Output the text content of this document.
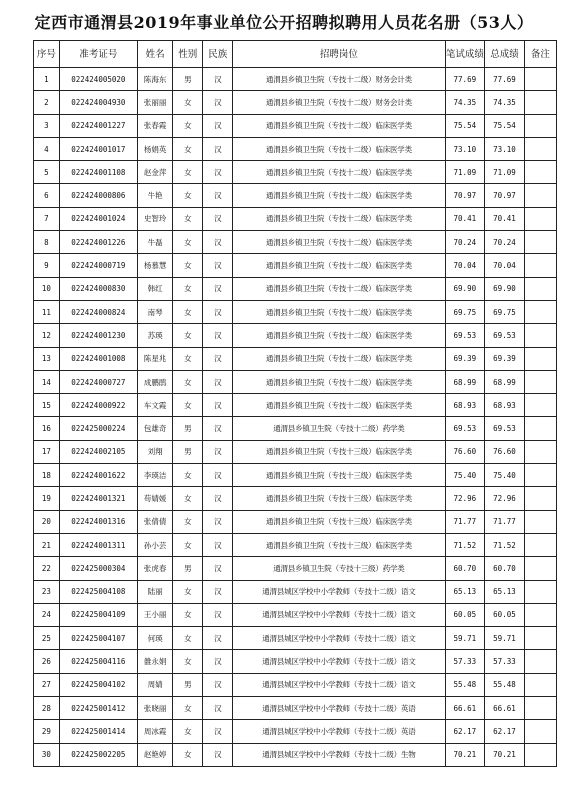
定西市通渭县2019年事业单位公开招聘拟聘用人员花名册（53人）
序号	准考证号	姓名	性别	民族	招聘岗位	笔试成绩	总成绩	备注
1	022424005020	陈海东	男	汉	通渭县乡镇卫生院（专技十二级）财务会计类	77.69	77.69	
2	022424004930	张丽丽	女	汉	通渭县乡镇卫生院（专技十二级）财务会计类	74.35	74.35	
3	022424001227	张春霞	女	汉	通渭县乡镇卫生院（专技十二级）临床医学类	75.54	75.54	
4	022424001017	杨娟英	女	汉	通渭县乡镇卫生院（专技十二级）临床医学类	73.10	73.10	
5	022424001108	赵金萍	女	汉	通渭县乡镇卫生院（专技十二级）临床医学类	71.09	71.09	
6	022424000806	牛艳	女	汉	通渭县乡镇卫生院（专技十二级）临床医学类	70.97	70.97	
7	022424001024	史智玲	女	汉	通渭县乡镇卫生院（专技十二级）临床医学类	70.41	70.41	
8	022424001226	牛磊	女	汉	通渭县乡镇卫生院（专技十二级）临床医学类	70.24	70.24	
9	022424000719	杨慕慧	女	汉	通渭县乡镇卫生院（专技十二级）临床医学类	70.04	70.04	
10	022424000830	韩红	女	汉	通渭县乡镇卫生院（专技十二级）临床医学类	69.90	69.90	
11	022424000824	南琴	女	汉	通渭县乡镇卫生院（专技十二级）临床医学类	69.75	69.75	
12	022424001230	苏瑛	女	汉	通渭县乡镇卫生院（专技十二级）临床医学类	69.53	69.53	
13	022424001008	陈星兆	女	汉	通渭县乡镇卫生院（专技十二级）临床医学类	69.39	69.39	
14	022424000727	成鹏鹃	女	汉	通渭县乡镇卫生院（专技十二级）临床医学类	68.99	68.99	
15	022424000922	车文霞	女	汉	通渭县乡镇卫生院（专技十二级）临床医学类	68.93	68.93	
16	022425000224	包雄奇	男	汉	通渭县乡镇卫生院（专技十二级）药学类	69.53	69.53	
17	022424002105	刘翔	男	汉	通渭县乡镇卫生院（专技十三级）临床医学类	76.60	76.60	
18	022424001622	李瑛洁	女	汉	通渭县乡镇卫生院（专技十三级）临床医学类	75.40	75.40	
19	022424001321	苟婧媛	女	汉	通渭县乡镇卫生院（专技十三级）临床医学类	72.96	72.96	
20	022424001316	张倩倩	女	汉	通渭县乡镇卫生院（专技十三级）临床医学类	71.77	71.77	
21	022424001311	孙小芸	女	汉	通渭县乡镇卫生院（专技十三级）临床医学类	71.52	71.52	
22	022425000304	张虎春	男	汉	通渭县乡镇卫生院（专技十三级）药学类	60.70	60.70	
23	022425004108	陆丽	女	汉	通渭县城区学校中小学教师（专技十二级）语文	65.13	65.13	
24	022425004109	王小丽	女	汉	通渭县城区学校中小学教师（专技十二级）语文	60.05	60.05	
25	022425004107	何瑛	女	汉	通渭县城区学校中小学教师（专技十二级）语文	59.71	59.71	
26	022425004116	雒永娟	女	汉	通渭县城区学校中小学教师（专技十二级）语文	57.33	57.33	
27	022425004102	周婧	男	汉	通渭县城区学校中小学教师（专技十二级）语文	55.48	55.48	
28	022425001412	张晓丽	女	汉	通渭县城区学校中小学教师（专技十二级）英语	66.61	66.61	
29	022425001414	周冰霞	女	汉	通渭县城区学校中小学教师（专技十二级）英语	62.17	62.17	
30	022425002205	赵艳婷	女	汉	通渭县城区学校中小学教师（专技十二级）生物	70.21	70.21	
